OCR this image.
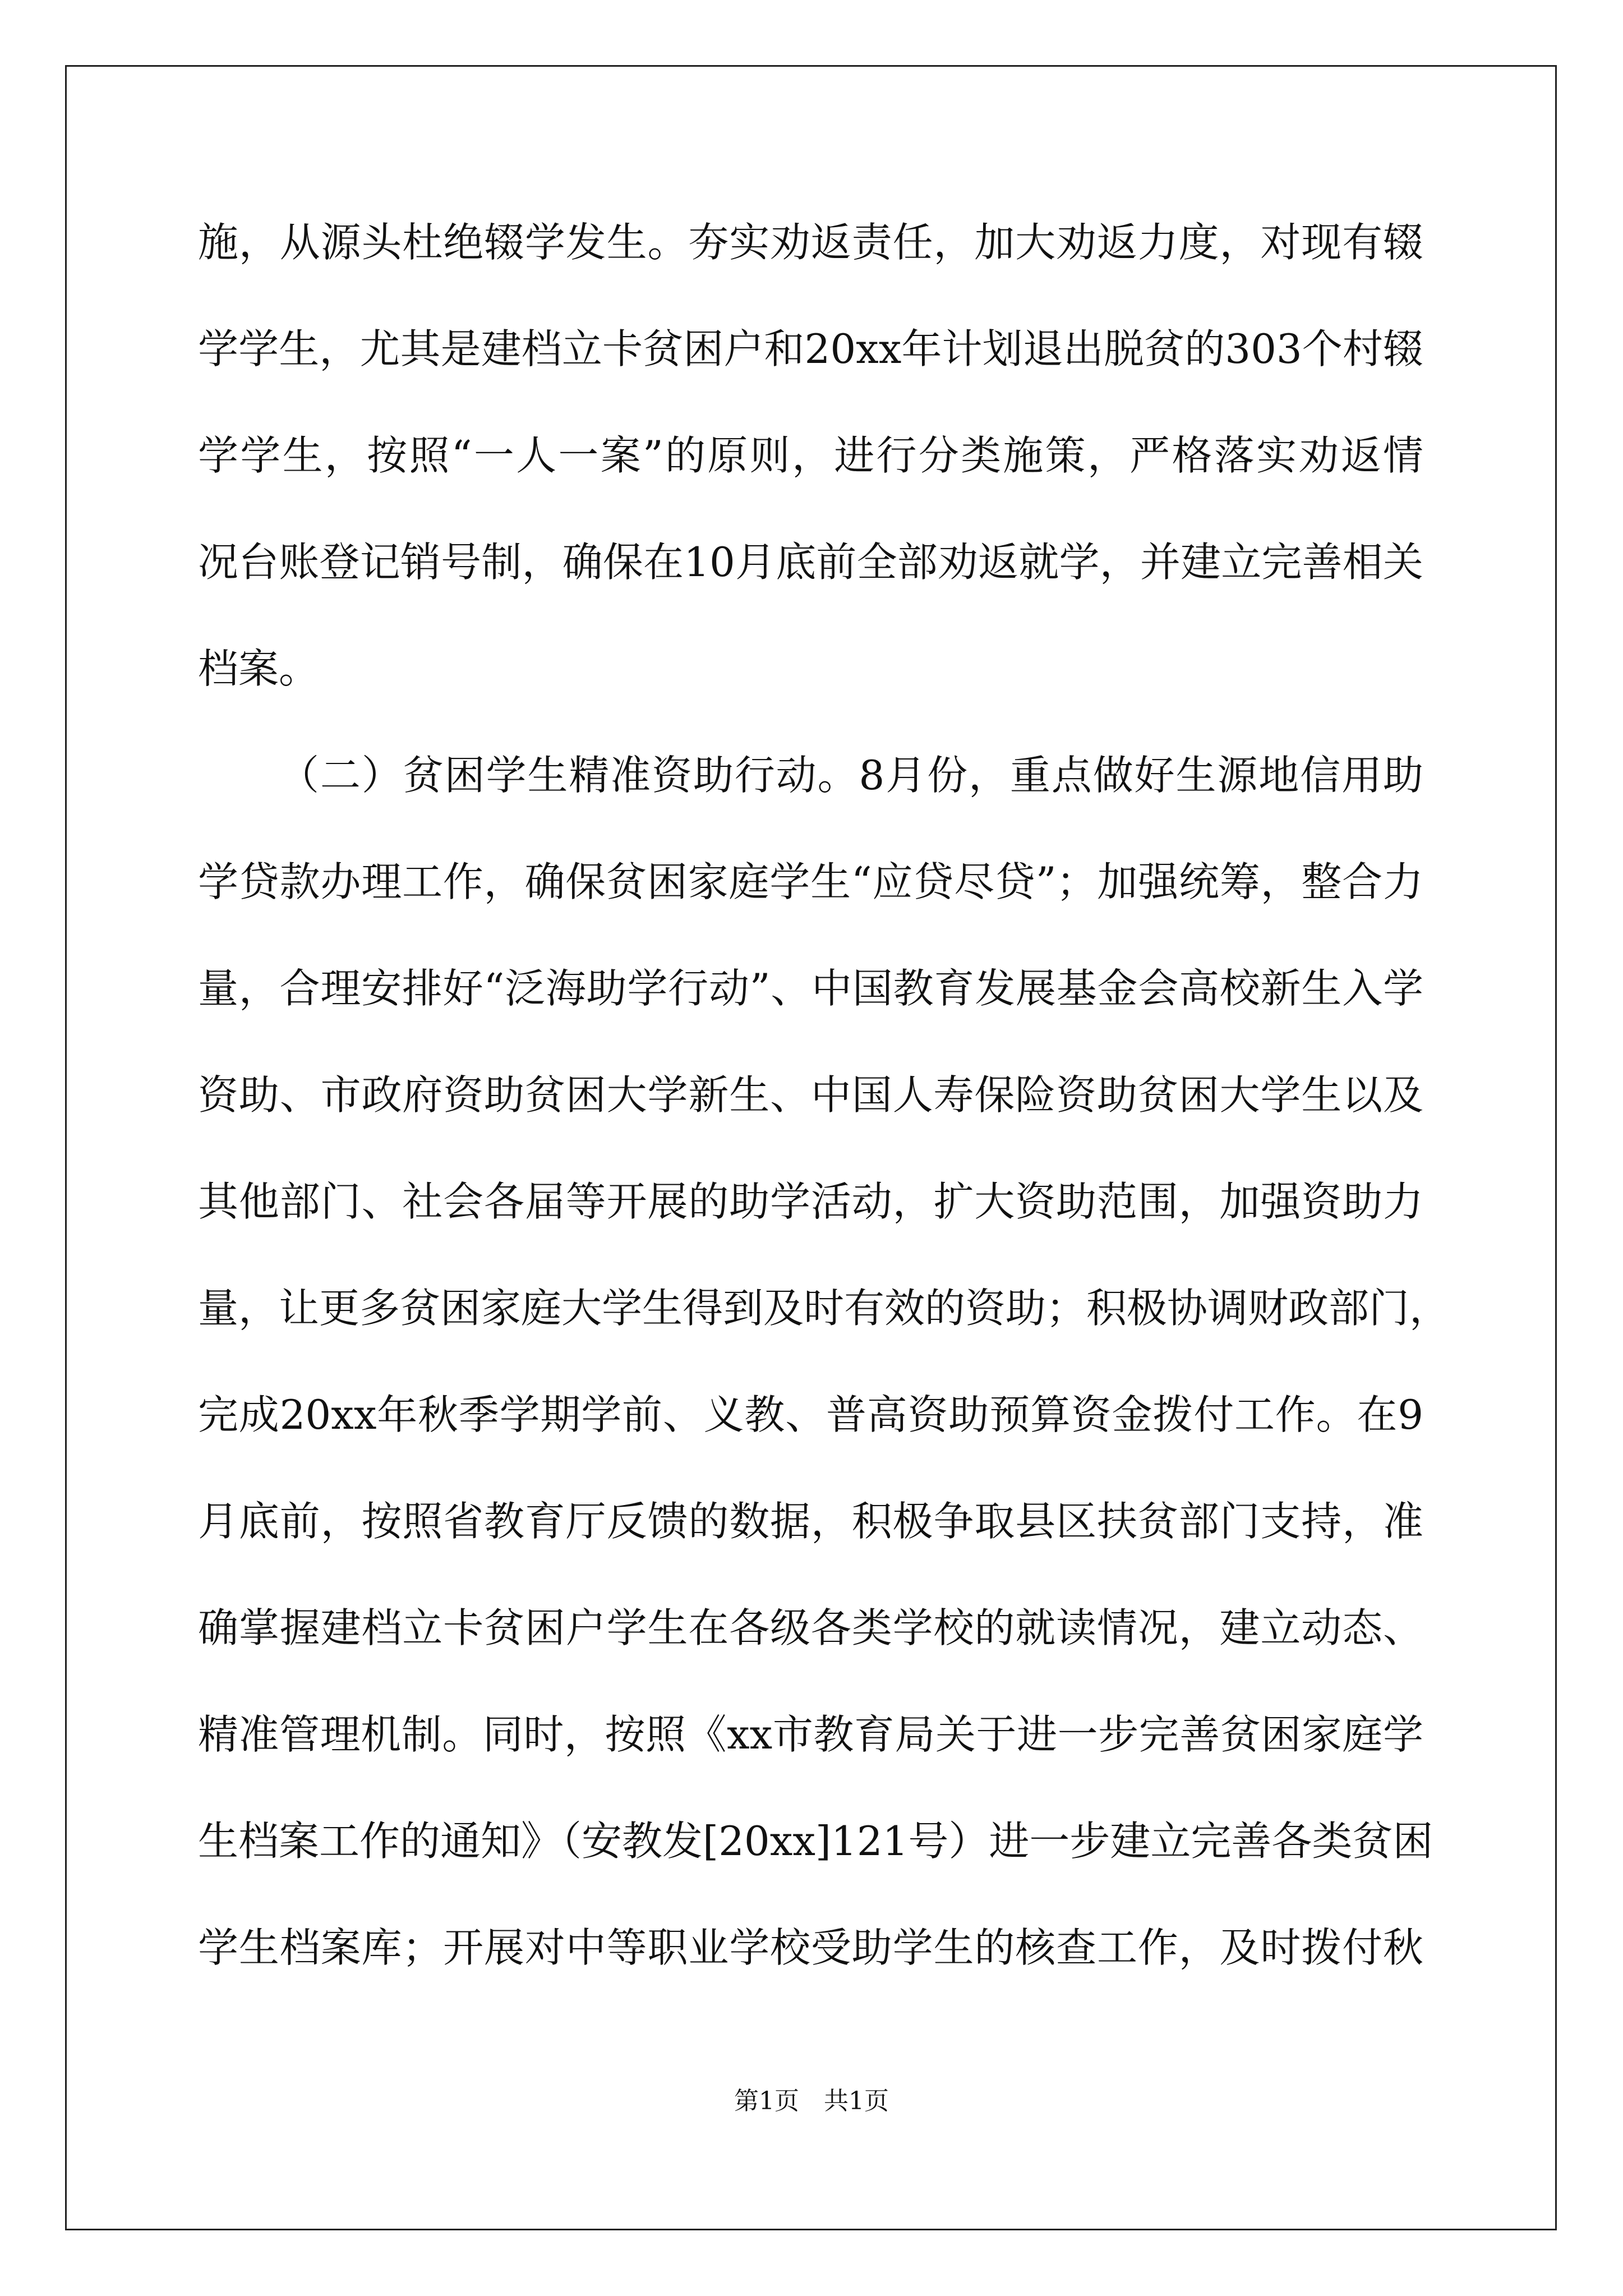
施，从源头杜绝辍学发生。夯实劝返责任，加大劝返力度，对现有辍
学学生，尤其是建档立卡贫困户和20xx年计划退出脱贫的303个村辍
学学生，按照“一人一案”的原则，进行分类施策，严格落实劝返情
况台账登记销号制，确保在10月底前全部劝返就学，并建立完善相关
档案。
（二）贫困学生精准资助行动。8月份，重点做好生源地信用助
学贷款办理工作，确保贫困家庭学生“应贷尽贷”；加强统筹，整合力
量，合理安排好“泛海助学行动”、中国教育发展基金会高校新生入学
资助、市政府资助贫困大学新生、中国人寿保险资助贫困大学生以及
其他部门、社会各届等开展的助学活动，扩大资助范围，加强资助力
量，让更多贫困家庭大学生得到及时有效的资助；积极协调财政部门，
完成20xx年秋季学期学前、义教、普高资助预算资金拨付工作。在9
月底前，按照省教育厅反馈的数据，积极争取县区扶贫部门支持，准
确掌握建档立卡贫困户学生在各级各类学校的就读情况，建立动态、
精准管理机制。同时，按照《xx市教育局关于进一步完善贫困家庭学
生档案工作的通知》（安教发[20xx]121号）进一步建立完善各类贫困
学生档案库；开展对中等职业学校受助学生的核查工作，及时拨付秋
第1页 共1页
